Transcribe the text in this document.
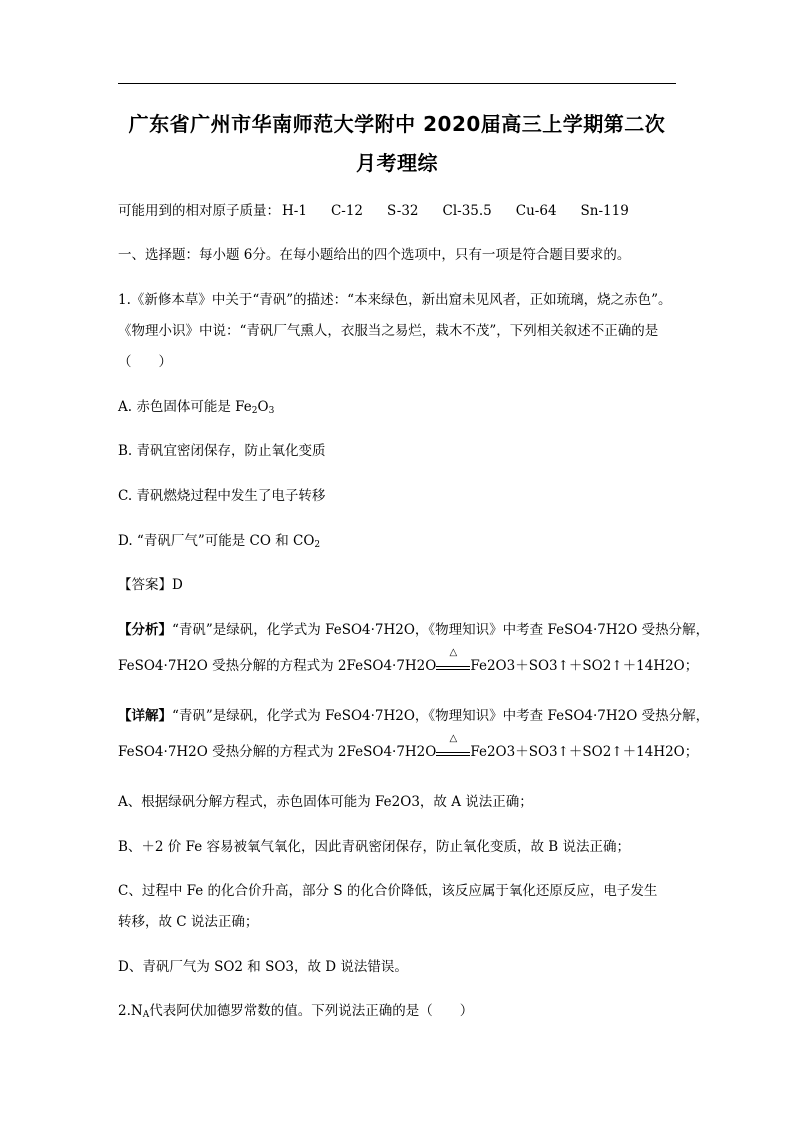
广东省广州市华南师范大学附中 2020届高三上学期第二次
月考理综
可能用到的相对原子质量： H-1 C-12 S-32 Cl-35.5 Cu-64 Sn-119
一、选择题：每小题 6分。在每小题给出的四个选项中，只有一项是符合题目要求的。
1.《新修本草》中关于“青矾”的描述：“本来绿色，新出窟未见风者，正如琉璃，烧之赤色”。
《物理小识》中说：“青矾厂气熏人，衣服当之易烂，栽木不茂”，下列相关叙述不正确的是
（　　）
A. 赤色固体可能是 $Fe_2O_3$
B. 青矾宜密闭保存，防止氧化变质
C. 青矾燃烧过程中发生了电子转移
D. “青矾厂气”可能是 CO 和 $CO_2$
【答案】D
【分析】“青矾”是绿矾，化学式为 FeSO4·7H2O，《物理知识》中考查 FeSO4·7H2O 受热分解，
FeSO4·7H2O 受热分解的方程式为 2FeSO4·7H2O
△
Fe2O3＋SO3↑＋SO2↑＋14H2O；
【详解】“青矾”是绿矾，化学式为 FeSO4·7H2O，《物理知识》中考查 FeSO4·7H2O 受热分解，
FeSO4·7H2O 受热分解的方程式为 2FeSO4·7H2O
△
Fe2O3＋SO3↑＋SO2↑＋14H2O；
A、根据绿矾分解方程式，赤色固体可能为 Fe2O3，故 A 说法正确；
B、＋2 价 Fe 容易被氧气氧化，因此青矾密闭保存，防止氧化变质，故 B 说法正确；
C、过程中 Fe 的化合价升高，部分 S 的化合价降低，该反应属于氧化还原反应，电子发生
转移，故 C 说法正确；
D、青矾厂气为 SO2 和 SO3，故 D 说法错误。
$2.N_A$代表阿伏加德罗常数的值。下列说法正确的是（　　）
